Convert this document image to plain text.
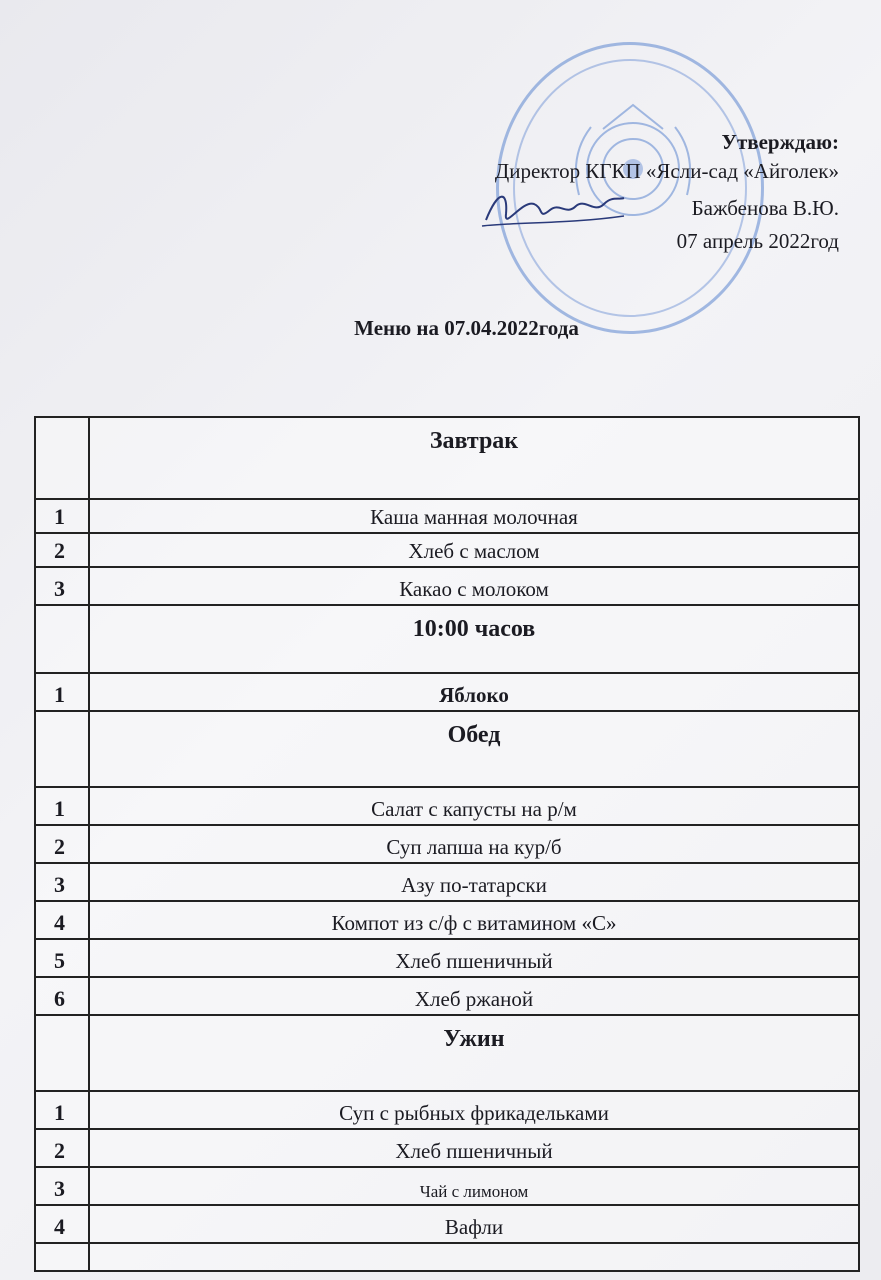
Утверждаю:
Директор КГКП «Ясли-сад «Айголек»
Бажбенова В.Ю.
07 апрель 2022год
Меню на 07.04.2022года
Завтрак
1	Каша манная молочная
2	Хлеб с маслом
3	Какао с молоком
10:00 часов
1	Яблоко
Обед
1	Салат с капусты на р/м
2	Суп лапша на кур/б
3	Азу по-татарски
4	Компот из с/ф с витамином «С»
5	Хлеб пшеничный
6	Хлеб ржаной
Ужин
1	Суп с рыбных фрикадельками
2	Хлеб пшеничный
3	Чай с лимоном
4	Вафли
